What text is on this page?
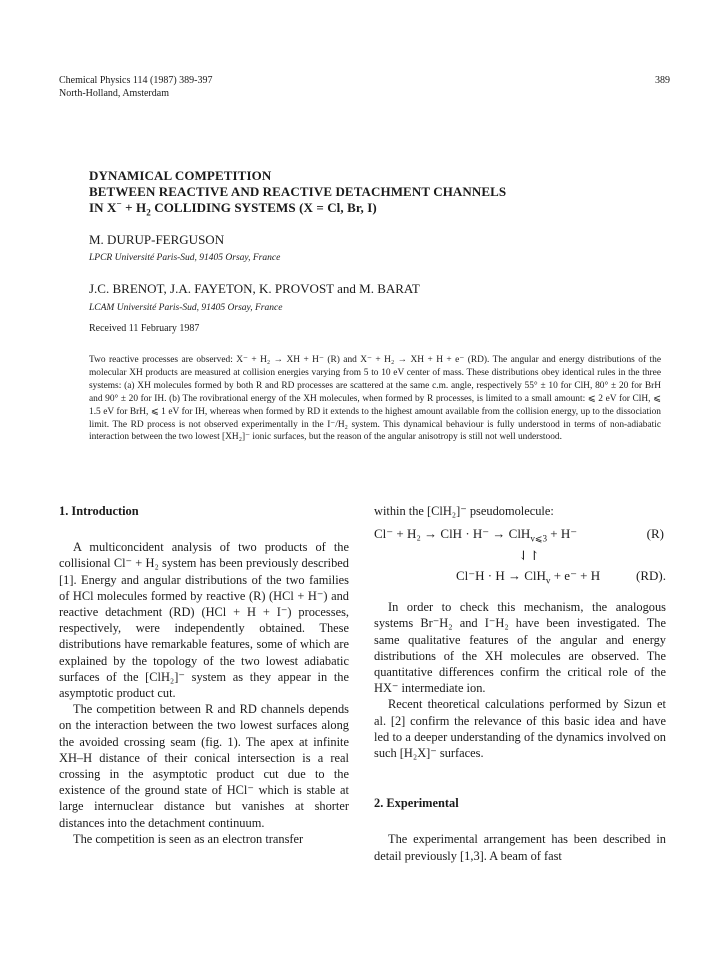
Chemical Physics 114 (1987) 389-397
North-Holland, Amsterdam
389
DYNAMICAL COMPETITION
BETWEEN REACTIVE AND REACTIVE DETACHMENT CHANNELS
IN $X^- + H_2$ COLLIDING SYSTEMS (X = Cl, Br, I)
M. DURUP-FERGUSON
LPCR Université Paris-Sud, 91405 Orsay, France
J.C. BRENOT, J.A. FAYETON, K. PROVOST and M. BARAT
LCAM Université Paris-Sud, 91405 Orsay, France
Received 11 February 1987
Two reactive processes are observed: X⁻ + H₂ → XH + H⁻ (R) and X⁻ + H₂ → XH + H + e⁻ (RD). The angular and energy distributions of the molecular XH products are measured at collision energies varying from 5 to 10 eV center of mass. These distributions obey identical rules in the three systems: (a) XH molecules formed by both R and RD processes are scattered at the same c.m. angle, respectively 55° ± 10 for ClH, 80° ± 20 for BrH and 90° ± 20 for IH. (b) The rovibrational energy of the XH molecules, when formed by R processes, is limited to a small amount: ⩽ 2 eV for ClH, ⩽ 1.5 eV for BrH, ⩽ 1 eV for IH, whereas when formed by RD it extends to the highest amount available from the collision energy, up to the dissociation limit. The RD process is not observed experimentally in the I⁻/H₂ system. This dynamical behaviour is fully understood in terms of non-adiabatic interaction between the two lowest [XH₂]⁻ ionic surfaces, but the reason of the angular anisotropy is still not well understood.
1. Introduction

A multiconcident analysis of two products of the collisional Cl⁻ + H₂ system has been previously described [1]. Energy and angular distributions of the two families of HCl molecules formed by reactive (R) (HCl + H⁻) and reactive detachment (RD) (HCl + H + I⁻) processes, respectively, were independently obtained. These distributions have remarkable features, some of which are explained by the topology of the two lowest adiabatic surfaces of the [ClH₂]⁻ system as they appear in the asymptotic product cut.

The competition between R and RD channels depends on the interaction between the two lowest surfaces along the avoided crossing seam (fig. 1). The apex at infinite XH–H distance of their conical intersection is a real crossing in the asymptotic product cut due to the existence of the ground state of HCl⁻ which is stable at large internuclear distance but vanishes at shorter distances into the detachment continuum.

The competition is seen as an electron transfer

within the [ClH₂]⁻ pseudomolecule:

Cl⁻ + H₂ → ClH · H⁻ → ClH$_{v⩽3}$ + H⁻	(R)
⇃↾
Cl⁻H · H → ClH$_v$ + e⁻ + H	(RD).

In order to check this mechanism, the analogous systems Br⁻H₂ and I⁻H₂ have been investigated. The same qualitative features of the angular and energy distributions of the XH molecules are observed. The quantitative differences confirm the critical role of the HX⁻ intermediate ion.

Recent theoretical calculations performed by Sizun et al. [2] confirm the relevance of this basic idea and have led to a deeper understanding of the dynamics involved on such [H₂X]⁻ surfaces.

2. Experimental

The experimental arrangement has been described in detail previously [1,3]. A beam of fast
